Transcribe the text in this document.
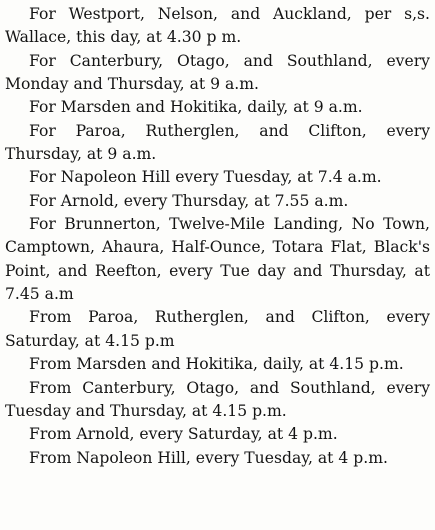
For Westport, Nelson, and Auckland, per s,s. Wallace, this day, at 4.30 p m.

For Canterbury, Otago, and Southland, every Monday and Thursday, at 9 a.m.

For Marsden and Hokitika, daily, at 9 a.m.

For Paroa, Rutherglen, and Clifton, every Thursday, at 9 a.m.

For Napoleon Hill every Tuesday, at 7.4 a.m.

For Arnold, every Thursday, at 7.55 a.m.

For Brunnerton, Twelve-Mile Landing, No Town, Camptown, Ahaura, Half-Ounce, Totara Flat, Black's Point, and Reefton, every Tue day and Thursday, at 7.45 a.m

From Paroa, Rutherglen, and Clifton, every Saturday, at 4.15 p.m

From Marsden and Hokitika, daily, at 4.15 p.m.

From Canterbury, Otago, and Southland, every Tuesday and Thursday, at 4.15 p.m.

From Arnold, every Saturday, at 4 p.m.

From Napoleon Hill, every Tuesday, at 4 p.m.
